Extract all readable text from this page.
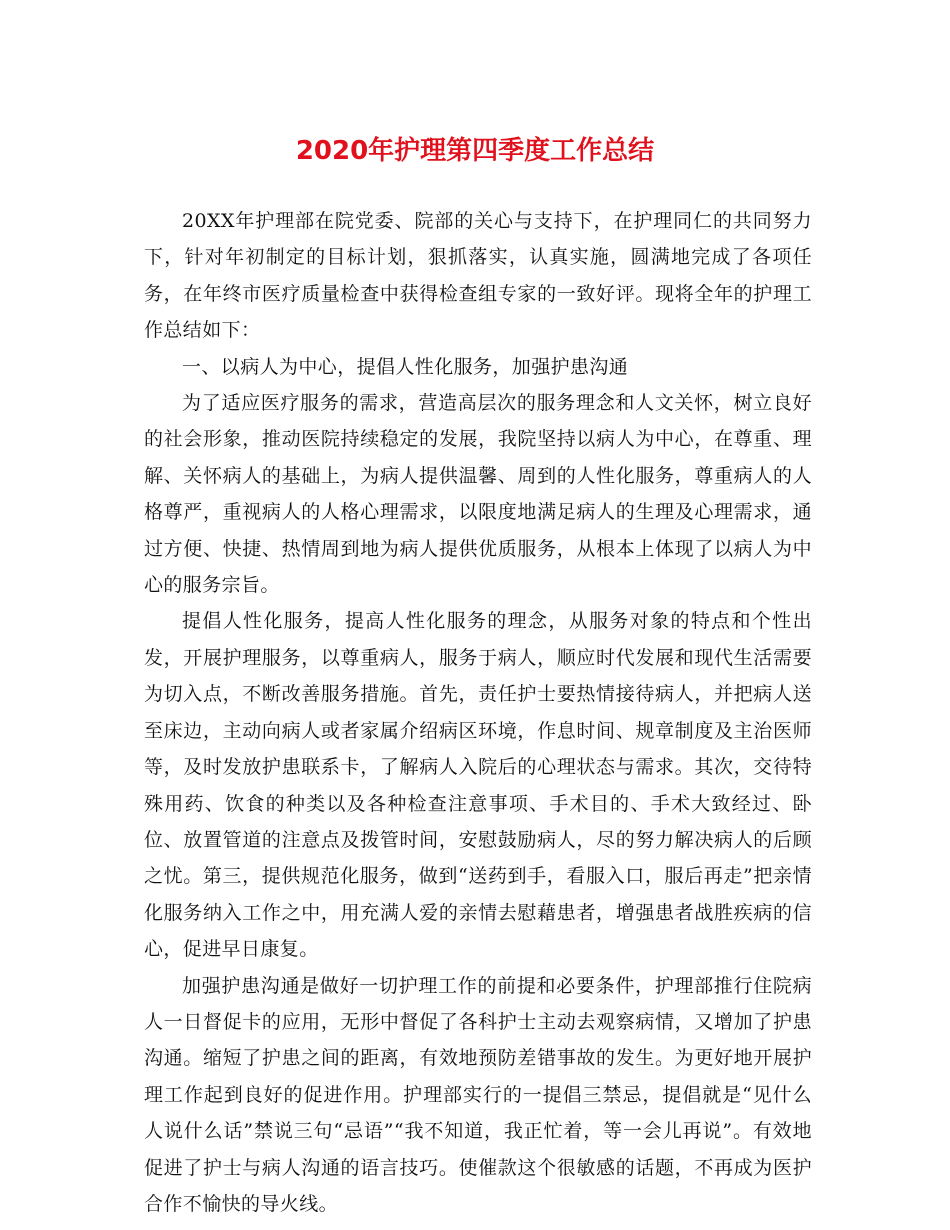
2020年护理第四季度工作总结

20XX年护理部在院党委、院部的关心与支持下，在护理同仁的共同努力下，针对年初制定的目标计划，狠抓落实，认真实施，圆满地完成了各项任务，在年终市医疗质量检查中获得检查组专家的一致好评。现将全年的护理工作总结如下：

一、以病人为中心，提倡人性化服务，加强护患沟通

为了适应医疗服务的需求，营造高层次的服务理念和人文关怀，树立良好的社会形象，推动医院持续稳定的发展，我院坚持以病人为中心，在尊重、理解、关怀病人的基础上，为病人提供温馨、周到的人性化服务，尊重病人的人格尊严，重视病人的人格心理需求，以限度地满足病人的生理及心理需求，通过方便、快捷、热情周到地为病人提供优质服务，从根本上体现了以病人为中心的服务宗旨。

提倡人性化服务，提高人性化服务的理念，从服务对象的特点和个性出发，开展护理服务，以尊重病人，服务于病人，顺应时代发展和现代生活需要为切入点，不断改善服务措施。首先，责任护士要热情接待病人，并把病人送至床边，主动向病人或者家属介绍病区环境，作息时间、规章制度及主治医师等，及时发放护患联系卡，了解病人入院后的心理状态与需求。其次，交待特殊用药、饮食的种类以及各种检查注意事项、手术目的、手术大致经过、卧位、放置管道的注意点及拨管时间，安慰鼓励病人，尽的努力解决病人的后顾之忧。第三，提供规范化服务，做到“送药到手，看服入口，服后再走”把亲情化服务纳入工作之中，用充满人爱的亲情去慰藉患者，增强患者战胜疾病的信心，促进早日康复。

加强护患沟通是做好一切护理工作的前提和必要条件，护理部推行住院病人一日督促卡的应用，无形中督促了各科护士主动去观察病情，又增加了护患沟通。缩短了护患之间的距离，有效地预防差错事故的发生。为更好地开展护理工作起到良好的促进作用。护理部实行的一提倡三禁忌，提倡就是“见什么人说什么话”禁说三句“忌语”“我不知道，我正忙着，等一会儿再说”。有效地促进了护士与病人沟通的语言技巧。使催款这个很敏感的话题，不再成为医护合作不愉快的导火线。
